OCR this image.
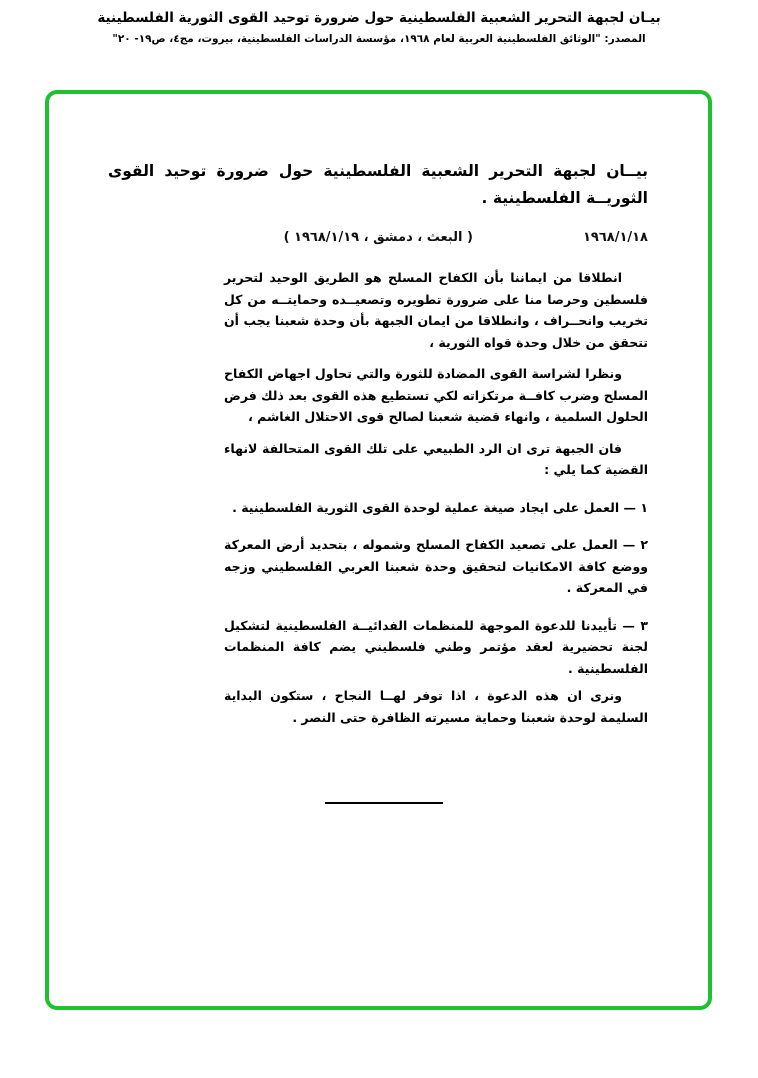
بيـان لجبهة التحرير الشعبية الفلسطينية حول ضرورة توحيد القوى الثورية الفلسطينية
المصدر: "الوثائق الفلسطينية العربية لعام ١٩٦٨، مؤسسة الدراسات الفلسطينية، بيروت، مج٤، ص١٩- ٢٠"
بيــان لجبهة التحرير الشعبية الفلسطينية حول ضرورة توحيد القوى الثوريــة الفلسطينية .
١٩٦٨/١/١٨
( البعث ، دمشق ، ١٩٦٨/١/١٩ )

انطلاقا من ايماننا بأن الكفاح المسلح هو الطريق الوحيد لتحرير فلسطين وحرصا منا على ضرورة تطويره وتصعيــده وحمايتــه من كل تخريب وانحــراف ، وانطلاقا من ايمان الجبهة بأن وحدة شعبنا يجب أن تتحقق من خلال وحدة قواه الثورية ،

ونظرا لشراسة القوى المضادة للثورة والتي تحاول اجهاض الكفاح المسلح وضرب كافــة مرتكزاته لكي تستطيع هذه القوى بعد ذلك فرض الحلول السلمية ، وانهاء قضية شعبنا لصالح قوى الاحتلال الغاشم ،

فان الجبهة ترى ان الرد الطبيعي على تلك القوى المتحالفة لانهاء القضية كما يلي :

١ — العمل على ايجاد صيغة عملية لوحدة القوى الثورية الفلسطينية .

٢ — العمل على تصعيد الكفاح المسلح وشموله ، بتحديد أرض المعركة ووضع كافة الامكانيات لتحقيق وحدة شعبنا العربي الفلسطيني وزجه في المعركة .

٣ — تأييدنا للدعوة الموجهة للمنظمات الفدائيــة الفلسطينية لتشكيل لجنة تحضيرية لعقد مؤتمر وطني فلسطيني يضم كافة المنظمات الفلسطينية .

ونرى ان هذه الدعوة ، اذا توفر لهــا النجاح ، ستكون البداية السليمة لوحدة شعبنا وحماية مسيرته الظافرة حتى النصر .
